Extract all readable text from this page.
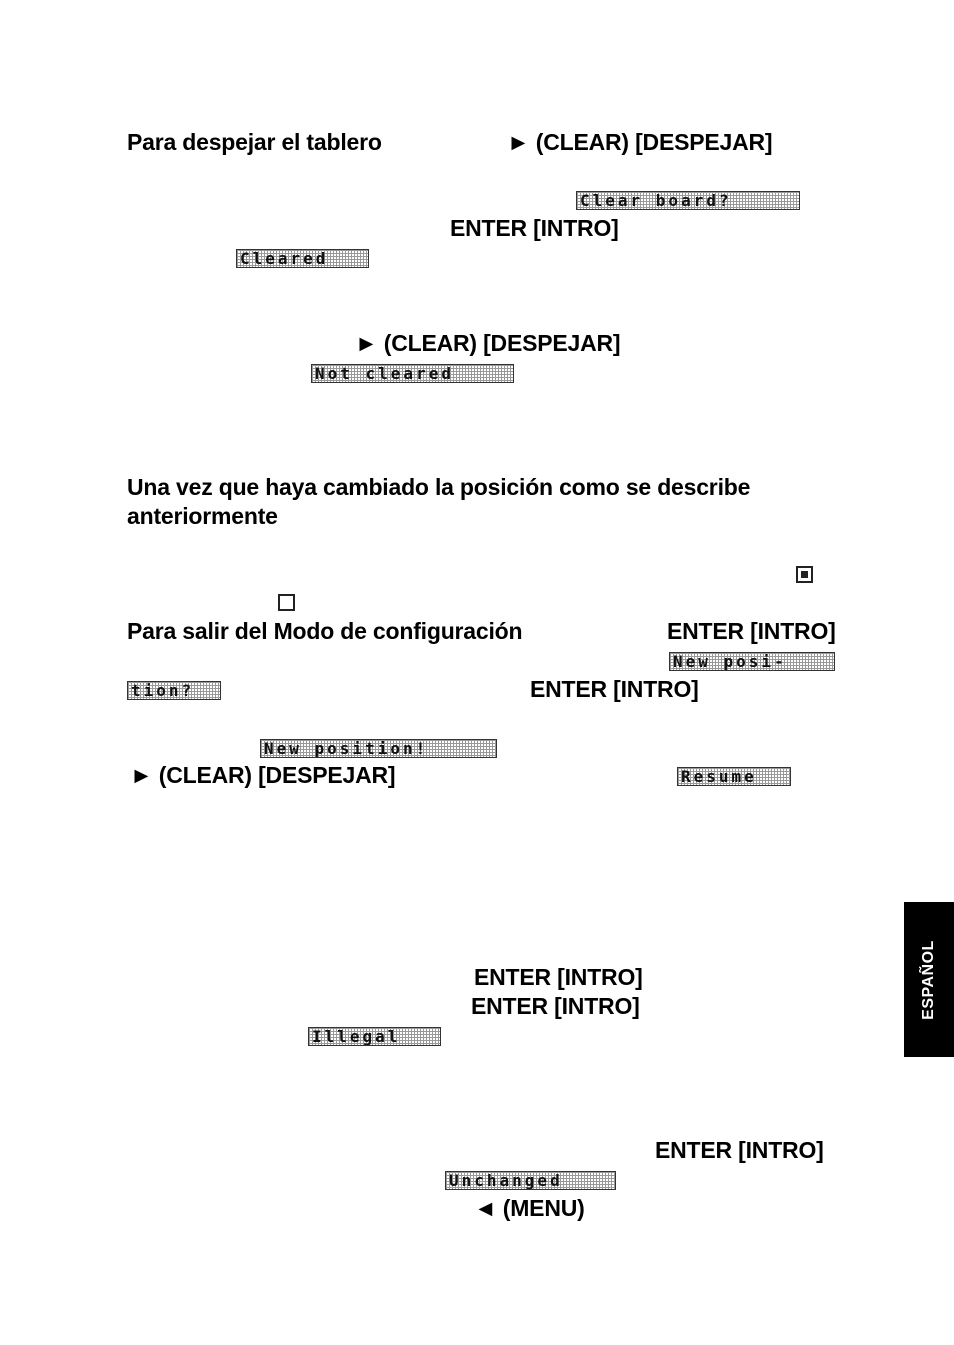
Para despejar el tablero	► (CLEAR) [DESPEJAR]
Clear board?
ENTER [INTRO]
Cleared
► (CLEAR) [DESPEJAR]
Not cleared
Una vez que haya cambiado la posición como se describe anteriormente
Para salir del Modo de configuración	ENTER [INTRO]
New posi-
tion?	ENTER [INTRO]
New position!
► (CLEAR) [DESPEJAR]	Resume
ESPAÑOL
ENTER [INTRO]
ENTER [INTRO]
Illegal
ENTER [INTRO]
Unchanged
◄ (MENU)
